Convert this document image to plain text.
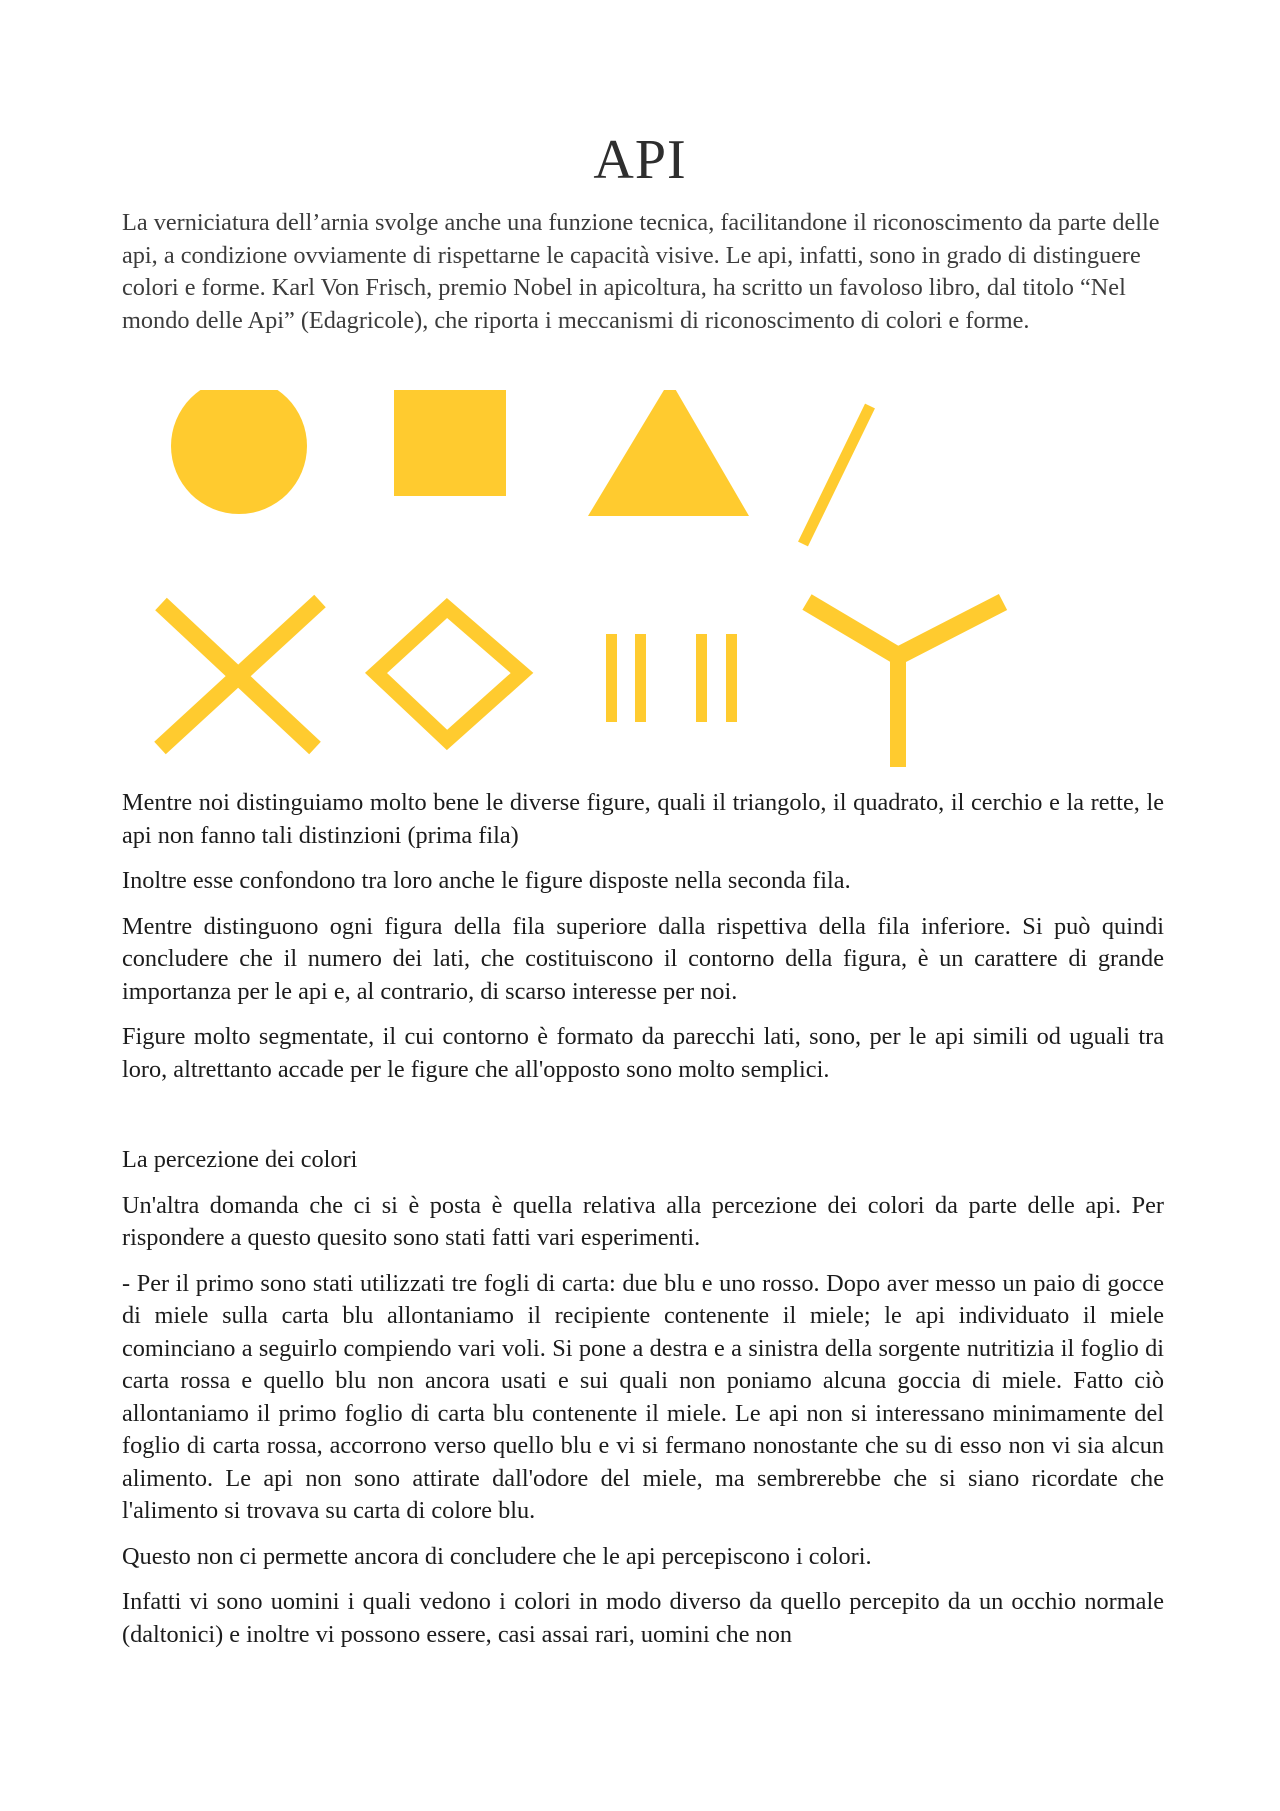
API

La verniciatura dell’arnia svolge anche una funzione tecnica, facilitandone il riconoscimento da parte delle api, a condizione ovviamente di rispettarne le capacità visive. Le api, infatti, sono in grado di distinguere colori e forme. Karl Von Frisch, premio Nobel in apicoltura, ha scritto un favoloso libro, dal titolo “Nel mondo delle Api” (Edagricole), che riporta i meccanismi di riconoscimento di colori e forme.

Mentre noi distinguiamo molto bene le diverse figure, quali il triangolo, il quadrato, il cerchio e la rette, le api non fanno tali distinzioni (prima fila)

Inoltre esse confondono tra loro anche le figure disposte nella seconda fila.

Mentre distinguono ogni figura della fila superiore dalla rispettiva della fila inferiore. Si può quindi concludere che il numero dei lati, che costituiscono il contorno della figura, è un carattere di grande importanza per le api e, al contrario, di scarso interesse per noi.

Figure molto segmentate, il cui contorno è formato da parecchi lati, sono, per le api simili od uguali tra loro, altrettanto accade per le figure che all'opposto sono molto semplici.

La percezione dei colori

Un'altra domanda che ci si è posta è quella relativa alla percezione dei colori da parte delle api. Per rispondere a questo quesito sono stati fatti vari esperimenti.

- Per il primo sono stati utilizzati tre fogli di carta: due blu e uno rosso. Dopo aver messo un paio di gocce di miele sulla carta blu allontaniamo il recipiente contenente il miele; le api individuato il miele cominciano a seguirlo compiendo vari voli. Si pone a destra e a sinistra della sorgente nutritizia il foglio di carta rossa e quello blu non ancora usati e sui quali non poniamo alcuna goccia di miele. Fatto ciò allontaniamo il primo foglio di carta blu contenente il miele. Le api non si interessano minimamente del foglio di carta rossa, accorrono verso quello blu e vi si fermano nonostante che su di esso non vi sia alcun alimento. Le api non sono attirate dall'odore del miele, ma sembrerebbe che si siano ricordate che l'alimento si trovava su carta di colore blu.

Questo non ci permette ancora di concludere che le api percepiscono i colori.

Infatti vi sono uomini i quali vedono i colori in modo diverso da quello percepito da un occhio normale (daltonici) e inoltre vi possono essere, casi assai rari, uomini che non
